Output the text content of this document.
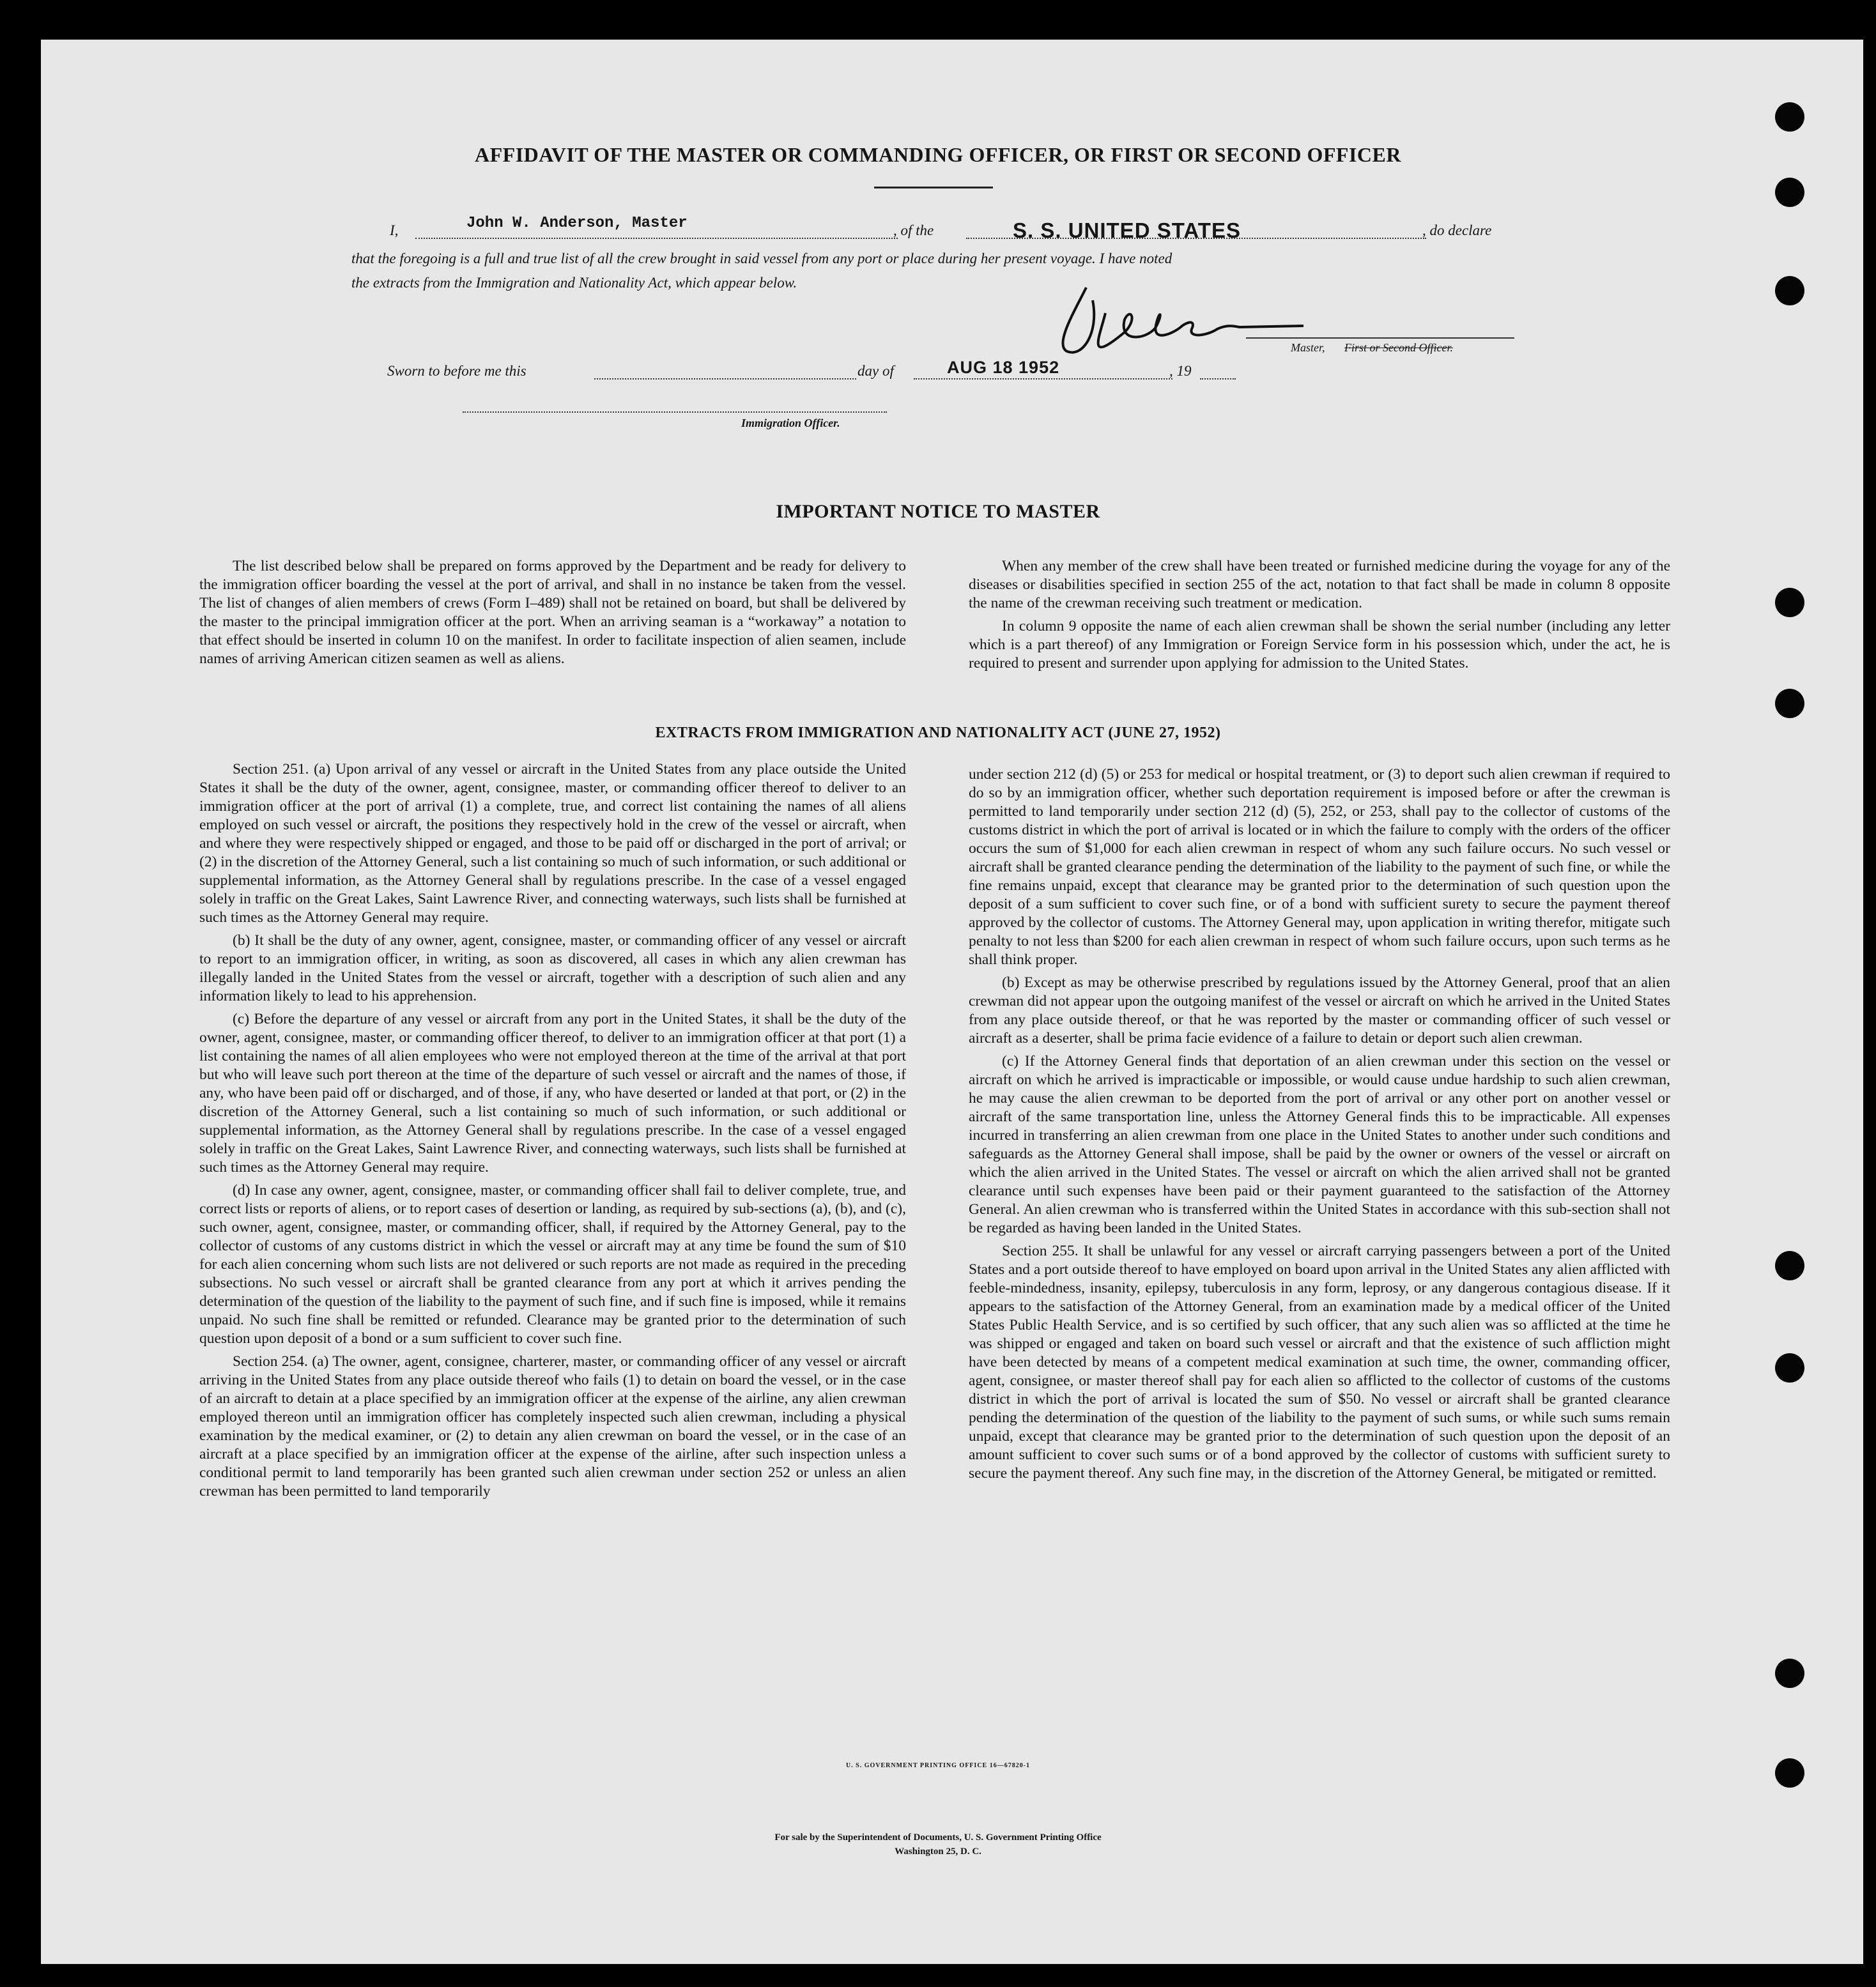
AFFIDAVIT OF THE MASTER OR COMMANDING OFFICER, OR FIRST OR SECOND OFFICER
I,	John W. Anderson, Master	, of the	S. S. UNITED STATES	, do declare
that the foregoing is a full and true list of all the crew brought in said vessel from any port or place during her present voyage. I have noted
the extracts from the Immigration and Nationality Act, which appear below.
Master, First or Second Officer.
Sworn to before me this	day of	AUG 18 1952	, 19
Immigration Officer.
IMPORTANT NOTICE TO MASTER

The list described below shall be prepared on forms approved by the Department and be ready for delivery to the immigration officer boarding the vessel at the port of arrival, and shall in no instance be taken from the vessel. The list of changes of alien members of crews (Form I–489) shall not be retained on board, but shall be delivered by the master to the principal immigration officer at the port. When an arriving seaman is a “workaway” a notation to that effect should be inserted in column 10 on the manifest. In order to facilitate inspection of alien seamen, include names of arriving American citizen seamen as well as aliens.

When any member of the crew shall have been treated or furnished medicine during the voyage for any of the diseases or disabilities specified in section 255 of the act, notation to that fact shall be made in column 8 opposite the name of the crewman receiving such treatment or medication.

In column 9 opposite the name of each alien crewman shall be shown the serial number (including any letter which is a part thereof) of any Immigration or Foreign Service form in his possession which, under the act, he is required to present and surrender upon applying for admission to the United States.

EXTRACTS FROM IMMIGRATION AND NATIONALITY ACT (JUNE 27, 1952)

Section 251. (a) Upon arrival of any vessel or aircraft in the United States from any place outside the United States it shall be the duty of the owner, agent, consignee, master, or commanding officer thereof to deliver to an immigration officer at the port of arrival (1) a complete, true, and correct list containing the names of all aliens employed on such vessel or aircraft, the positions they respectively hold in the crew of the vessel or aircraft, when and where they were respectively shipped or engaged, and those to be paid off or discharged in the port of arrival; or (2) in the discretion of the Attorney General, such a list containing so much of such information, or such additional or supplemental information, as the Attorney General shall by regulations prescribe. In the case of a vessel engaged solely in traffic on the Great Lakes, Saint Lawrence River, and connecting waterways, such lists shall be furnished at such times as the Attorney General may require.

(b) It shall be the duty of any owner, agent, consignee, master, or commanding officer of any vessel or aircraft to report to an immigration officer, in writing, as soon as discovered, all cases in which any alien crewman has illegally landed in the United States from the vessel or aircraft, together with a description of such alien and any information likely to lead to his apprehension.

(c) Before the departure of any vessel or aircraft from any port in the United States, it shall be the duty of the owner, agent, consignee, master, or commanding officer thereof, to deliver to an immigration officer at that port (1) a list containing the names of all alien employees who were not employed thereon at the time of the arrival at that port but who will leave such port thereon at the time of the departure of such vessel or aircraft and the names of those, if any, who have been paid off or discharged, and of those, if any, who have deserted or landed at that port, or (2) in the discretion of the Attorney General, such a list containing so much of such information, or such additional or supplemental information, as the Attorney General shall by regulations prescribe. In the case of a vessel engaged solely in traffic on the Great Lakes, Saint Lawrence River, and connecting waterways, such lists shall be furnished at such times as the Attorney General may require.

(d) In case any owner, agent, consignee, master, or commanding officer shall fail to deliver complete, true, and correct lists or reports of aliens, or to report cases of desertion or landing, as required by sub-sections (a), (b), and (c), such owner, agent, consignee, master, or commanding officer, shall, if required by the Attorney General, pay to the collector of customs of any customs district in which the vessel or aircraft may at any time be found the sum of $10 for each alien concerning whom such lists are not delivered or such reports are not made as required in the preceding subsections. No such vessel or aircraft shall be granted clearance from any port at which it arrives pending the determination of the question of the liability to the payment of such fine, and if such fine is imposed, while it remains unpaid. No such fine shall be remitted or refunded. Clearance may be granted prior to the determination of such question upon deposit of a bond or a sum sufficient to cover such fine.

Section 254. (a) The owner, agent, consignee, charterer, master, or commanding officer of any vessel or aircraft arriving in the United States from any place outside thereof who fails (1) to detain on board the vessel, or in the case of an aircraft to detain at a place specified by an immigration officer at the expense of the airline, any alien crewman employed thereon until an immigration officer has completely inspected such alien crewman, including a physical examination by the medical examiner, or (2) to detain any alien crewman on board the vessel, or in the case of an aircraft at a place specified by an immigration officer at the expense of the airline, after such inspection unless a conditional permit to land temporarily has been granted such alien crewman under section 252 or unless an alien crewman has been permitted to land temporarily

under section 212 (d) (5) or 253 for medical or hospital treatment, or (3) to deport such alien crewman if required to do so by an immigration officer, whether such deportation requirement is imposed before or after the crewman is permitted to land temporarily under section 212 (d) (5), 252, or 253, shall pay to the collector of customs of the customs district in which the port of arrival is located or in which the failure to comply with the orders of the officer occurs the sum of $1,000 for each alien crewman in respect of whom any such failure occurs. No such vessel or aircraft shall be granted clearance pending the determination of the liability to the payment of such fine, or while the fine remains unpaid, except that clearance may be granted prior to the determination of such question upon the deposit of a sum sufficient to cover such fine, or of a bond with sufficient surety to secure the payment thereof approved by the collector of customs. The Attorney General may, upon application in writing therefor, mitigate such penalty to not less than $200 for each alien crewman in respect of whom such failure occurs, upon such terms as he shall think proper.

(b) Except as may be otherwise prescribed by regulations issued by the Attorney General, proof that an alien crewman did not appear upon the outgoing manifest of the vessel or aircraft on which he arrived in the United States from any place outside thereof, or that he was reported by the master or commanding officer of such vessel or aircraft as a deserter, shall be prima facie evidence of a failure to detain or deport such alien crewman.

(c) If the Attorney General finds that deportation of an alien crewman under this section on the vessel or aircraft on which he arrived is impracticable or impossible, or would cause undue hardship to such alien crewman, he may cause the alien crewman to be deported from the port of arrival or any other port on another vessel or aircraft of the same transportation line, unless the Attorney General finds this to be impracticable. All expenses incurred in transferring an alien crewman from one place in the United States to another under such conditions and safeguards as the Attorney General shall impose, shall be paid by the owner or owners of the vessel or aircraft on which the alien arrived in the United States. The vessel or aircraft on which the alien arrived shall not be granted clearance until such expenses have been paid or their payment guaranteed to the satisfaction of the Attorney General. An alien crewman who is transferred within the United States in accordance with this sub-section shall not be regarded as having been landed in the United States.

Section 255. It shall be unlawful for any vessel or aircraft carrying passengers between a port of the United States and a port outside thereof to have employed on board upon arrival in the United States any alien afflicted with feeble-mindedness, insanity, epilepsy, tuberculosis in any form, leprosy, or any dangerous contagious disease. If it appears to the satisfaction of the Attorney General, from an examination made by a medical officer of the United States Public Health Service, and is so certified by such officer, that any such alien was so afflicted at the time he was shipped or engaged and taken on board such vessel or aircraft and that the existence of such affliction might have been detected by means of a competent medical examination at such time, the owner, commanding officer, agent, consignee, or master thereof shall pay for each alien so afflicted to the collector of customs of the customs district in which the port of arrival is located the sum of $50. No vessel or aircraft shall be granted clearance pending the determination of the question of the liability to the payment of such sums, or while such sums remain unpaid, except that clearance may be granted prior to the determination of such question upon the deposit of an amount sufficient to cover such sums or of a bond approved by the collector of customs with sufficient surety to secure the payment thereof. Any such fine may, in the discretion of the Attorney General, be mitigated or remitted.

U. S. GOVERNMENT PRINTING OFFICE 16—67820-1
For sale by the Superintendent of Documents, U. S. Government Printing Office
Washington 25, D. C.
